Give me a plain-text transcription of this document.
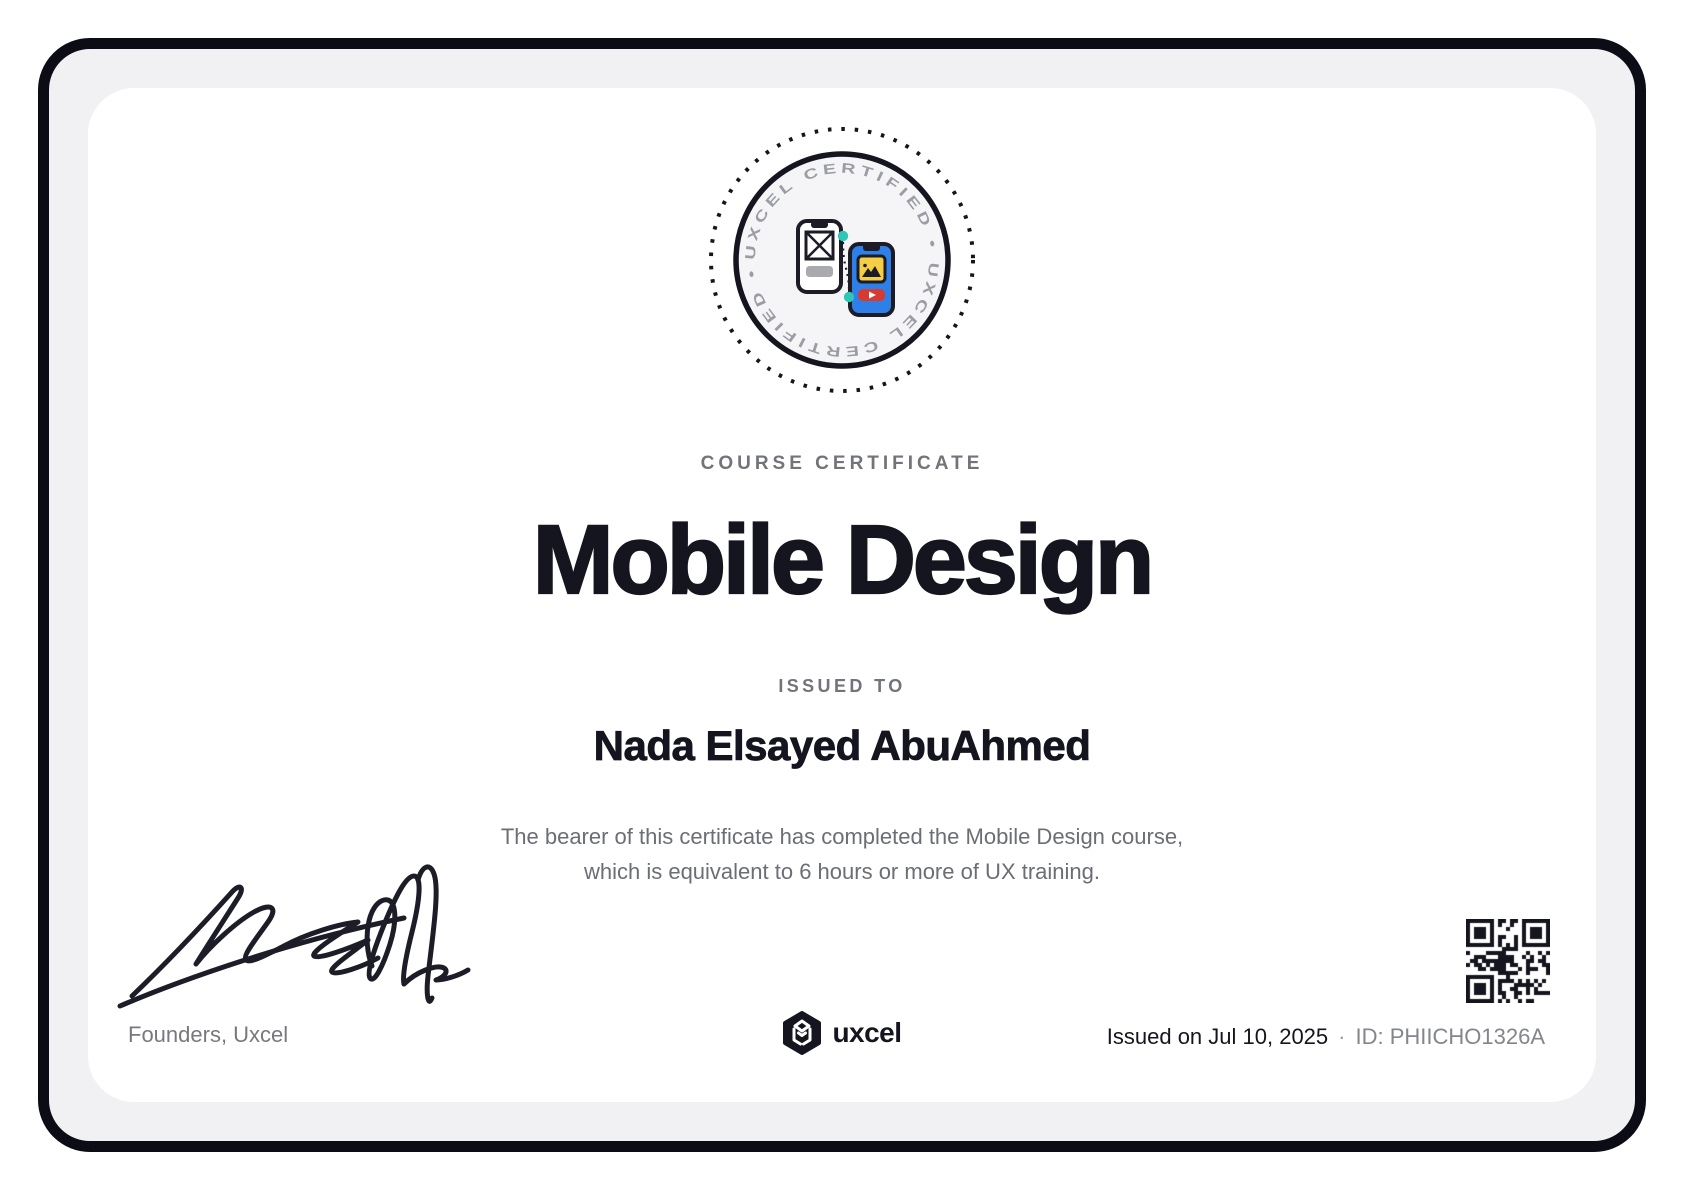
UXCEL CERTIFIED • UXCEL CERTIFIED •
COURSE CERTIFICATE
Mobile Design
ISSUED TO
Nada Elsayed AbuAhmed
The bearer of this certificate has completed the Mobile Design course,
which is equivalent to 6 hours or more of UX training.
Founders, Uxcel	uxcel	Issued on Jul 10, 2025 · ID: PHIICHO1326A
